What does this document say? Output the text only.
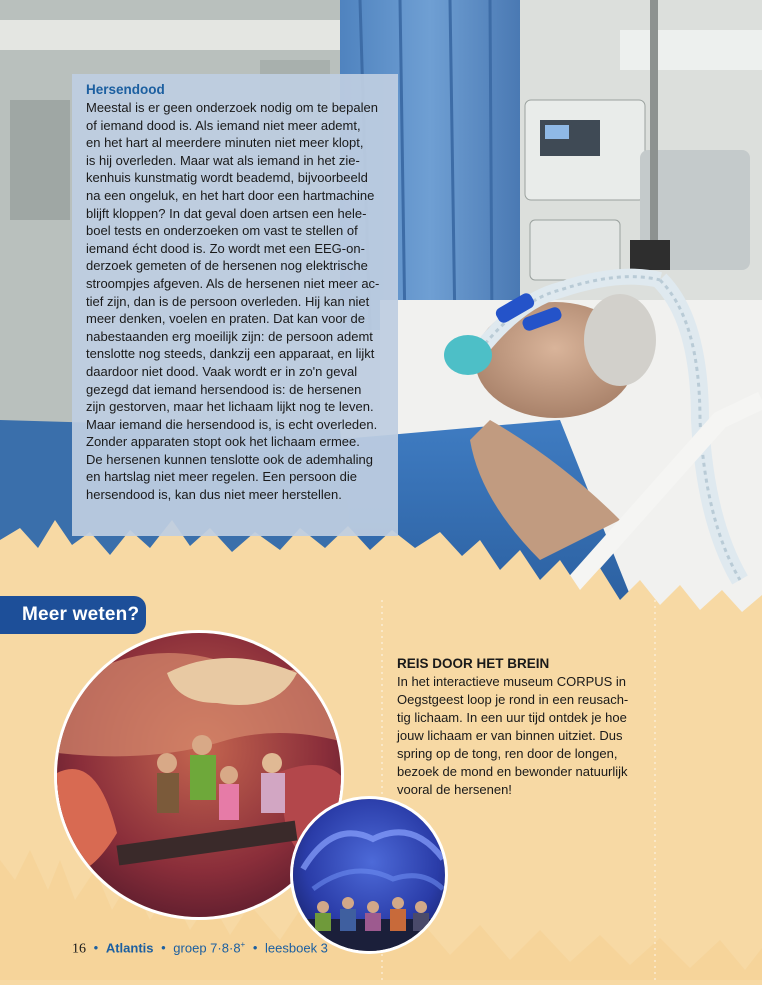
Hersendood

Meestal is er geen onderzoek nodig om te bepalen
of iemand dood is. Als iemand niet meer ademt,
en het hart al meerdere minuten niet meer klopt,
is hij overleden. Maar wat als iemand in het zie-
kenhuis kunstmatig wordt beademd, bijvoorbeeld
na een ongeluk, en het hart door een hartmachine
blijft kloppen? In dat geval doen artsen een hele-
boel tests en onderzoeken om vast te stellen of
iemand écht dood is. Zo wordt met een EEG-on-
derzoek gemeten of de hersenen nog elektrische
stroompjes afgeven. Als de hersenen niet meer ac-
tief zijn, dan is de persoon overleden. Hij kan niet
meer denken, voelen en praten. Dat kan voor de
nabestaanden erg moeilijk zijn: de persoon ademt
tenslotte nog steeds, dankzij een apparaat, en lijkt
daardoor niet dood. Vaak wordt er in zo'n geval
gezegd dat iemand hersendood is: de hersenen
zijn gestorven, maar het lichaam lijkt nog te leven.
Maar iemand die hersendood is, is echt overleden.
Zonder apparaten stopt ook het lichaam ermee.
De hersenen kunnen tenslotte ook de ademhaling
en hartslag niet meer regelen. Een persoon die
hersendood is, kan dus niet meer herstellen.

Meer weten?

REIS DOOR HET BREIN

In het interactieve museum CORPUS in
Oegstgeest loop je rond in een reusach-
tig lichaam. In een uur tijd ontdek je hoe
jouw lichaam er van binnen uitziet. Dus
spring op de tong, ren door de longen,
bezoek de mond en bewonder natuurlijk
vooral de hersenen!

16 • Atlantis • groep 7·8·8+ • leesboek 3
